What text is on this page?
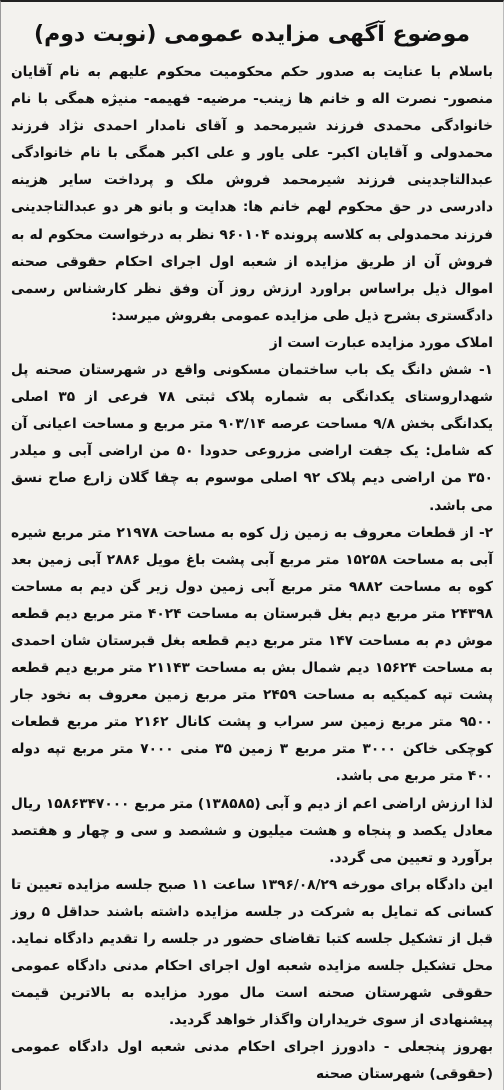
موضوع آگهی مزایده عمومی (نوبت دوم)

باسلام با عنایت به صدور حکم محکومیت محکوم علیهم به نام آقایان منصور- نصرت اله و خانم ها زینب- مرضیه- فهیمه- منیژه همگی با نام خانوادگی محمدی فرزند شیرمحمد و آقای نامدار احمدی نژاد فرزند محمدولی و آقایان اکبر- علی یاور و علی اکبر همگی با نام خانوادگی عبدالتاجدینی فرزند شیرمحمد فروش ملک و پرداخت سایر هزینه دادرسی در حق محکوم لهم خانم ها: هدایت و بانو هر دو عبدالتاجدینی فرزند محمدولی به کلاسه پرونده ۹۶۰۱۰۴ نظر به درخواست محکوم له به فروش آن از طریق مزایده از شعبه اول اجرای احکام حقوقی صحنه اموال ذیل براساس براورد ارزش روز آن وفق نظر کارشناس رسمی دادگستری بشرح ذیل طی مزایده عمومی بفروش میرسد:

املاک مورد مزایده عبارت است از

۱- شش دانگ یک باب ساختمان مسکونی واقع در شهرستان صحنه پل شهداروستای یکدانگی به شماره پلاک ثبتی ۷۸ فرعی از ۳۵ اصلی یکدانگی بخش ۹/۸ مساحت عرصه ۹۰۳/۱۴ متر مربع و مساحت اعیانی آن که شامل: یک جفت اراضی مزروعی حدودا ۵۰ من اراضی آبی و میلدر ۳۵۰ من اراضی دیم پلاک ۹۲ اصلی موسوم به چقا گلان زارع صاح نسق می باشد.

۲- از قطعات معروف به زمین زل کوه به مساحت ۲۱۹۷۸ متر مربع شیره آبی به مساحت ۱۵۲۵۸ متر مربع آبی پشت باغ مویل ۲۸۸۶ آبی زمین بعد کوه به مساحت ۹۸۸۲ متر مربع آبی زمین دول زیر گن دیم به مساحت ۲۴۳۹۸ متر مربع دیم بغل قبرستان به مساحت ۴۰۲۴ متر مربع دیم قطعه موش دم به مساحت ۱۴۷ متر مربع دیم قطعه بغل قبرستان شان احمدی به مساحت ۱۵۶۲۴ دیم شمال بش به مساحت ۲۱۱۴۳ متر مربع دیم قطعه پشت تپه کمیکیه به مساحت ۲۴۵۹ متر مربع زمین معروف به نخود جار ۹۵۰۰ متر مربع زمین سر سراب و پشت کانال ۲۱۶۲ متر مربع قطعات کوچکی خاکن ۳۰۰۰ متر مربع ۳ زمین ۳۵ منی ۷۰۰۰ متر مربع تپه دوله ۴۰۰ متر مربع می باشد.

لذا ارزش اراضی اعم از دیم و آبی (۱۳۸۵۸۵) متر مربع ۱۵۸۶۳۴۷۰۰۰ ریال معادل یکصد و پنجاه و هشت میلیون و ششصد و سی و چهار و هفتصد برآورد و تعیین می گردد.

این دادگاه برای مورخه ۱۳۹۶/۰۸/۲۹ ساعت ۱۱ صبح جلسه مزایده تعیین تا کسانی که تمایل به شرکت در جلسه مزایده داشته باشند حداقل ۵ روز قبل از تشکیل جلسه کتبا تقاضای حضور در جلسه را تقدیم دادگاه نماید. محل تشکیل جلسه مزایده شعبه اول اجرای احکام مدنی دادگاه عمومی حقوقی شهرستان صحنه است مال مورد مزایده به بالاترین قیمت پیشنهادی از سوی خریداران واگذار خواهد گردید.

بهروز پنجعلی - دادورز اجرای احکام مدنی شعبه اول دادگاه عمومی (حقوقی) شهرستان صحنه
